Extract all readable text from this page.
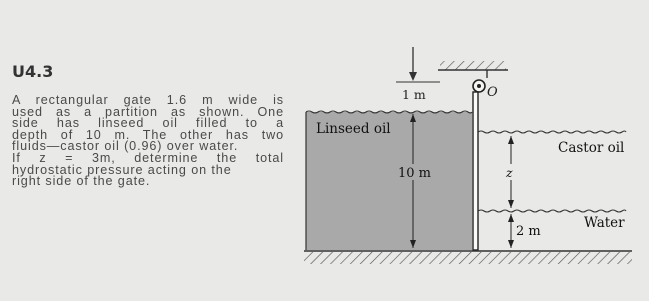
U4.3
A rectangular gate 1.6 m wide is
used as a partition as shown. One
side has linseed oil filled to a
depth of 10 m. The other has two
fluids—castor oil (0.96) over water.
If z = 3m, determine the total
hydrostatic pressure acting on the
right side of the gate.
O
1 m
Linseed oil
10 m
Castor oil
z
Water
2 m
